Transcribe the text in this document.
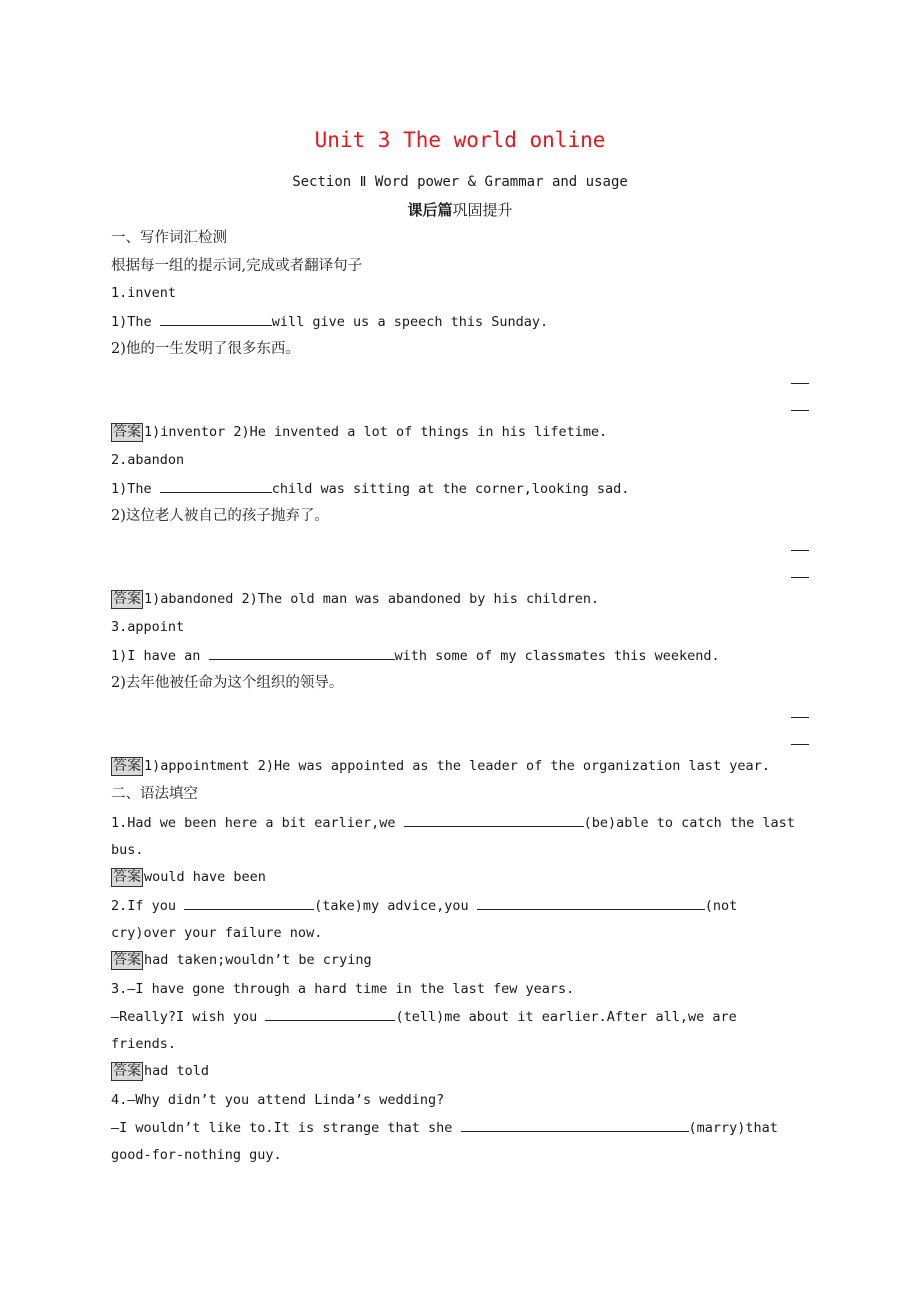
Unit 3 The world online
Section Ⅱ Word power & Grammar and usage
课后篇巩固提升
一、写作词汇检测
根据每一组的提示词,完成或者翻译句子
1.invent
1)The	will give us a speech this Sunday.
2)他的一生发明了很多东西。
答案 1)inventor 2)He invented a lot of things in his lifetime.
2.abandon
1)The	child was sitting at the corner,looking sad.
2)这位老人被自己的孩子抛弃了。
答案 1)abandoned 2)The old man was abandoned by his children.
3.appoint
1)I have an	with some of my classmates this weekend.
2)去年他被任命为这个组织的领导。
答案 1)appointment 2)He was appointed as the leader of the organization last year.
二、语法填空
1.Had we been here a bit earlier,we	(be)able to catch the last
bus.
答案 would have been
2.If you	(take)my advice,you	(not
cry)over your failure now.
答案 had taken;wouldn’t be crying
3.—I have gone through a hard time in the last few years.
—Really?I wish you	(tell)me about it earlier.After all,we are
friends.
答案 had told
4.—Why didn’t you attend Linda’s wedding?
—I wouldn’t like to.It is strange that she	(marry)that
good-for-nothing guy.
